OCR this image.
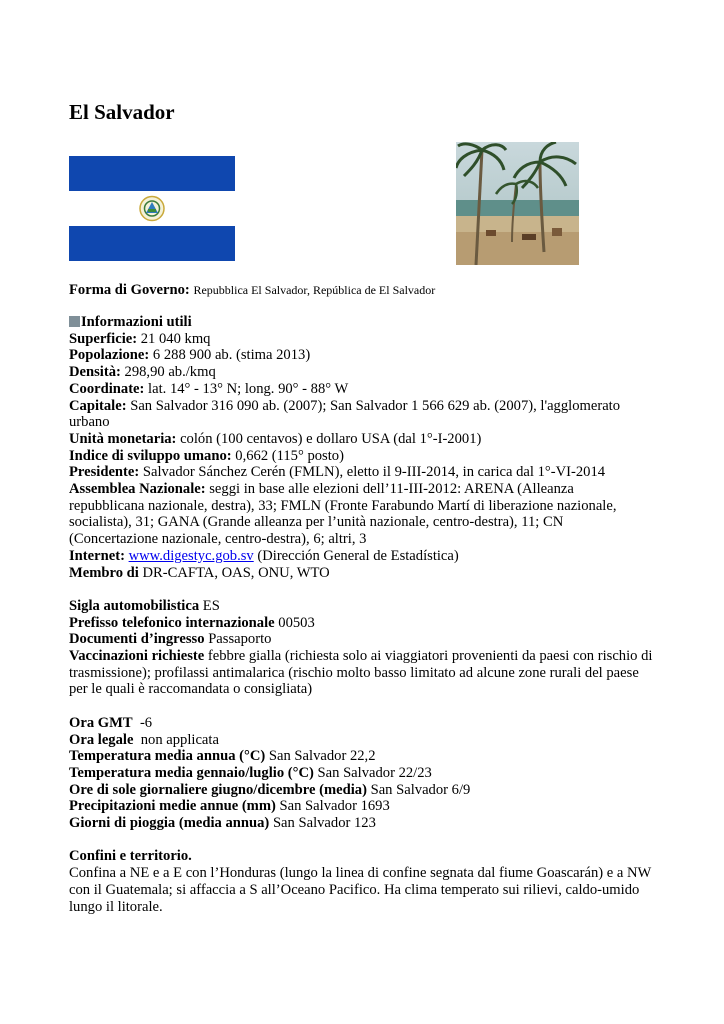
El Salvador
Forma di Governo: Repubblica El Salvador, República de El Salvador
Informazioni utili
Superficie: 21 040 kmq
Popolazione: 6 288 900 ab. (stima 2013)
Densità: 298,90 ab./kmq
Coordinate: lat. 14° - 13° N; long. 90° - 88° W
Capitale: San Salvador 316 090 ab. (2007); San Salvador 1 566 629 ab. (2007), l'agglomerato
urbano
Unità monetaria: colón (100 centavos) e dollaro USA (dal 1°-I-2001)
Indice di sviluppo umano: 0,662 (115° posto)
Presidente: Salvador Sánchez Cerén (FMLN), eletto il 9-III-2014, in carica dal 1°-VI-2014
Assemblea Nazionale: seggi in base alle elezioni dell’11-III-2012: ARENA (Alleanza
repubblicana nazionale, destra), 33; FMLN (Fronte Farabundo Martí di liberazione nazionale,
socialista), 31; GANA (Grande alleanza per l’unità nazionale, centro-destra), 11; CN
(Concertazione nazionale, centro-destra), 6; altri, 3
Internet: www.digestyc.gob.sv (Dirección General de Estadística)
Membro di DR-CAFTA, OAS, ONU, WTO
Sigla automobilistica ES
Prefisso telefonico internazionale 00503
Documenti d’ingresso Passaporto
Vaccinazioni richieste febbre gialla (richiesta solo ai viaggiatori provenienti da paesi con rischio di
trasmissione); profilassi antimalarica (rischio molto basso limitato ad alcune zone rurali del paese
per le quali è raccomandata o consigliata)
Ora GMT  -6
Ora legale  non applicata
Temperatura media annua (°C) San Salvador 22,2
Temperatura media gennaio/luglio (°C) San Salvador 22/23
Ore di sole giornaliere giugno/dicembre (media) San Salvador 6/9
Precipitazioni medie annue (mm) San Salvador 1693
Giorni di pioggia (media annua) San Salvador 123
Confini e territorio.
Confina a NE e a E con l’Honduras (lungo la linea di confine segnata dal fiume Goascarán) e a NW
con il Guatemala; si affaccia a S all’Oceano Pacifico. Ha clima temperato sui rilievi, caldo-umido
lungo il litorale.
